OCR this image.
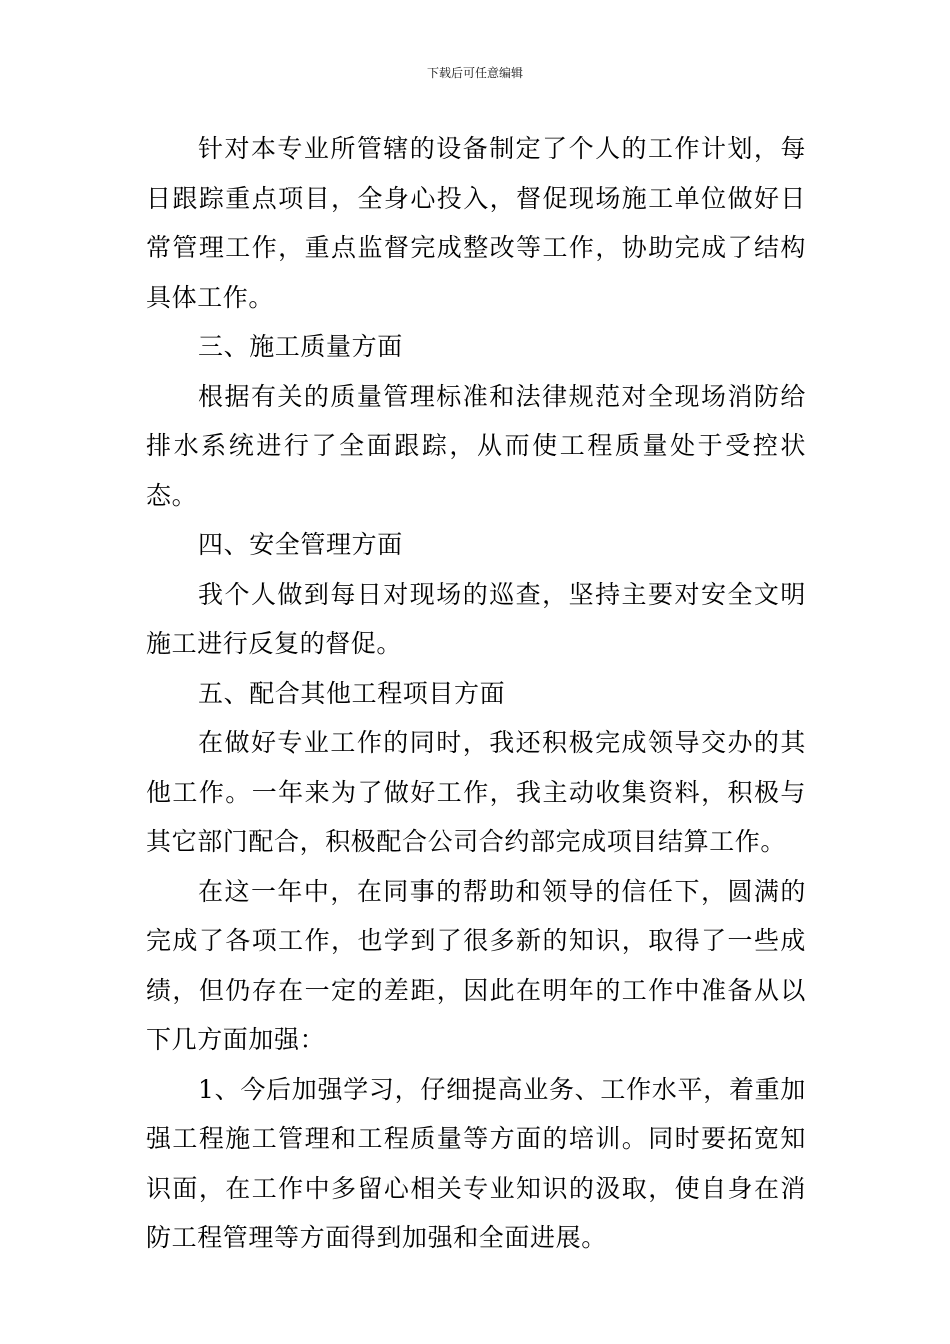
下载后可任意编辑

针对本专业所管辖的设备制定了个人的工作计划，每日跟踪重点项目，全身心投入，督促现场施工单位做好日常管理工作，重点监督完成整改等工作，协助完成了结构具体工作。

三、施工质量方面

根据有关的质量管理标准和法律规范对全现场消防给排水系统进行了全面跟踪，从而使工程质量处于受控状态。

四、安全管理方面

我个人做到每日对现场的巡查，坚持主要对安全文明施工进行反复的督促。

五、配合其他工程项目方面

在做好专业工作的同时，我还积极完成领导交办的其他工作。一年来为了做好工作，我主动收集资料，积极与其它部门配合，积极配合公司合约部完成项目结算工作。

在这一年中，在同事的帮助和领导的信任下，圆满的完成了各项工作，也学到了很多新的知识，取得了一些成绩，但仍存在一定的差距，因此在明年的工作中准备从以下几方面加强：

1、今后加强学习，仔细提高业务、工作水平，着重加强工程施工管理和工程质量等方面的培训。同时要拓宽知识面，在工作中多留心相关专业知识的汲取，使自身在消防工程管理等方面得到加强和全面进展。
